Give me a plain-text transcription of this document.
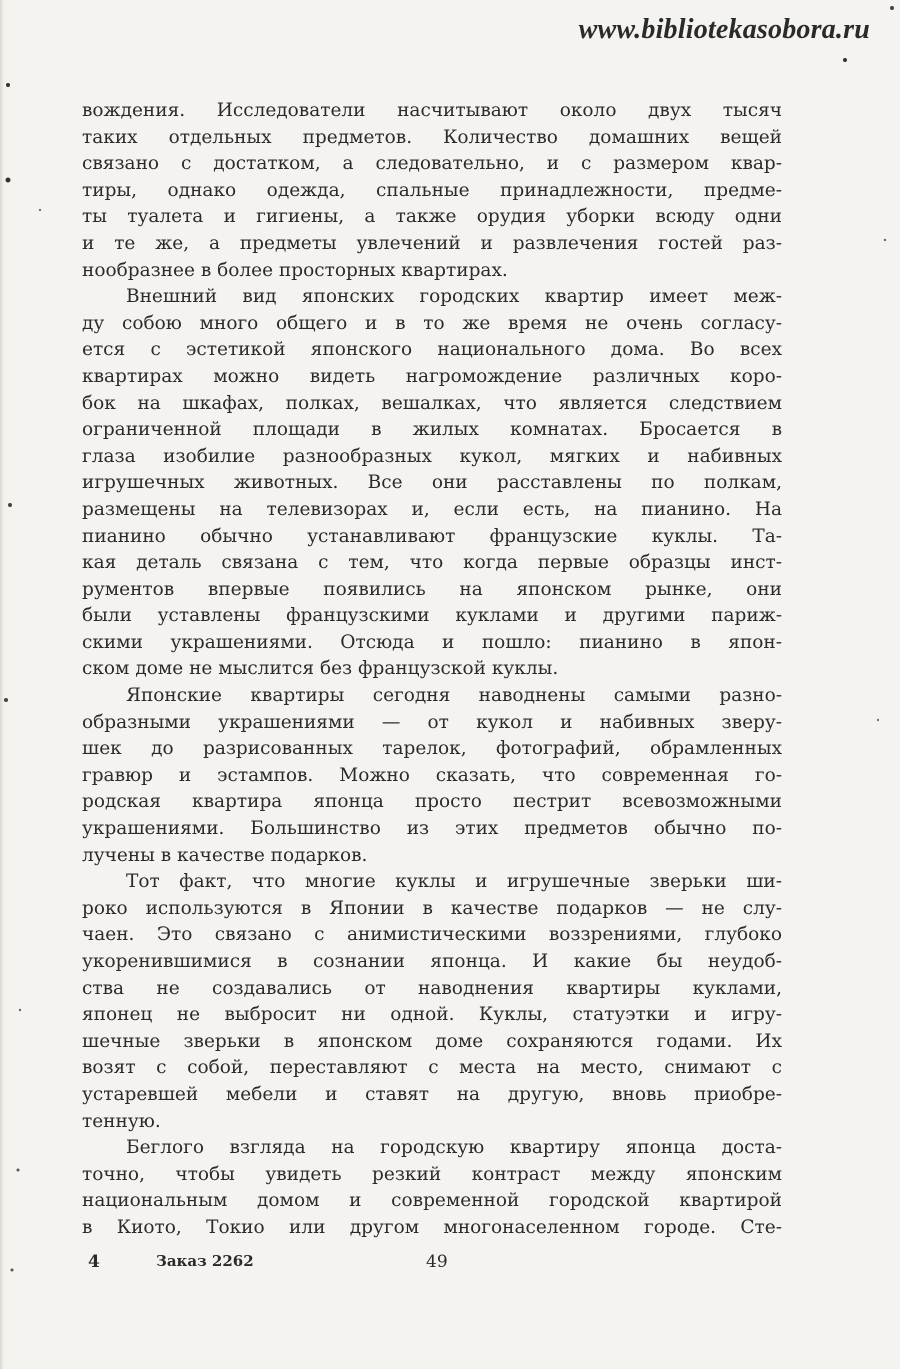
www.bibliotekasobora.ru
вождения. Исследователи насчитывают около двух тысяч
таких отдельных предметов. Количество домашних вещей
связано с достатком, а следовательно, и с размером квар-
тиры, однако одежда, спальные принадлежности, предме-
ты туалета и гигиены, а также орудия уборки всюду одни
и те же, а предметы увлечений и развлечения гостей раз-
нообразнее в более просторных квартирах.
Внешний вид японских городских квартир имеет меж-
ду собою много общего и в то же время не очень согласу-
ется с эстетикой японского национального дома. Во всех
квартирах можно видеть нагромождение различных коро-
бок на шкафах, полках, вешалках, что является следствием
ограниченной площади в жилых комнатах. Бросается в
глаза изобилие разнообразных кукол, мягких и набивных
игрушечных животных. Все они расставлены по полкам,
размещены на телевизорах и, если есть, на пианино. На
пианино обычно устанавливают французские куклы. Та-
кая деталь связана с тем, что когда первые образцы инст-
рументов впервые появились на японском рынке, они
были уставлены французскими куклами и другими париж-
скими украшениями. Отсюда и пошло: пианино в япон-
ском доме не мыслится без французской куклы.
Японские квартиры сегодня наводнены самыми разно-
образными украшениями — от кукол и набивных зверу-
шек до разрисованных тарелок, фотографий, обрамленных
гравюр и эстампов. Можно сказать, что современная го-
родская квартира японца просто пестрит всевозможными
украшениями. Большинство из этих предметов обычно по-
лучены в качестве подарков.
Тот факт, что многие куклы и игрушечные зверьки ши-
роко используются в Японии в качестве подарков — не слу-
чаен. Это связано с анимистическими воззрениями, глубоко
укоренившимися в сознании японца. И какие бы неудоб-
ства не создавались от наводнения квартиры куклами,
японец не выбросит ни одной. Куклы, статуэтки и игру-
шечные зверьки в японском доме сохраняются годами. Их
возят с собой, переставляют с места на место, снимают с
устаревшей мебели и ставят на другую, вновь приобре-
тенную.
Беглого взгляда на городскую квартиру японца доста-
точно, чтобы увидеть резкий контраст между японским
национальным домом и современной городской квартирой
в Киото, Токио или другом многонаселенном городе. Сте-
4	Заказ 2262	49
